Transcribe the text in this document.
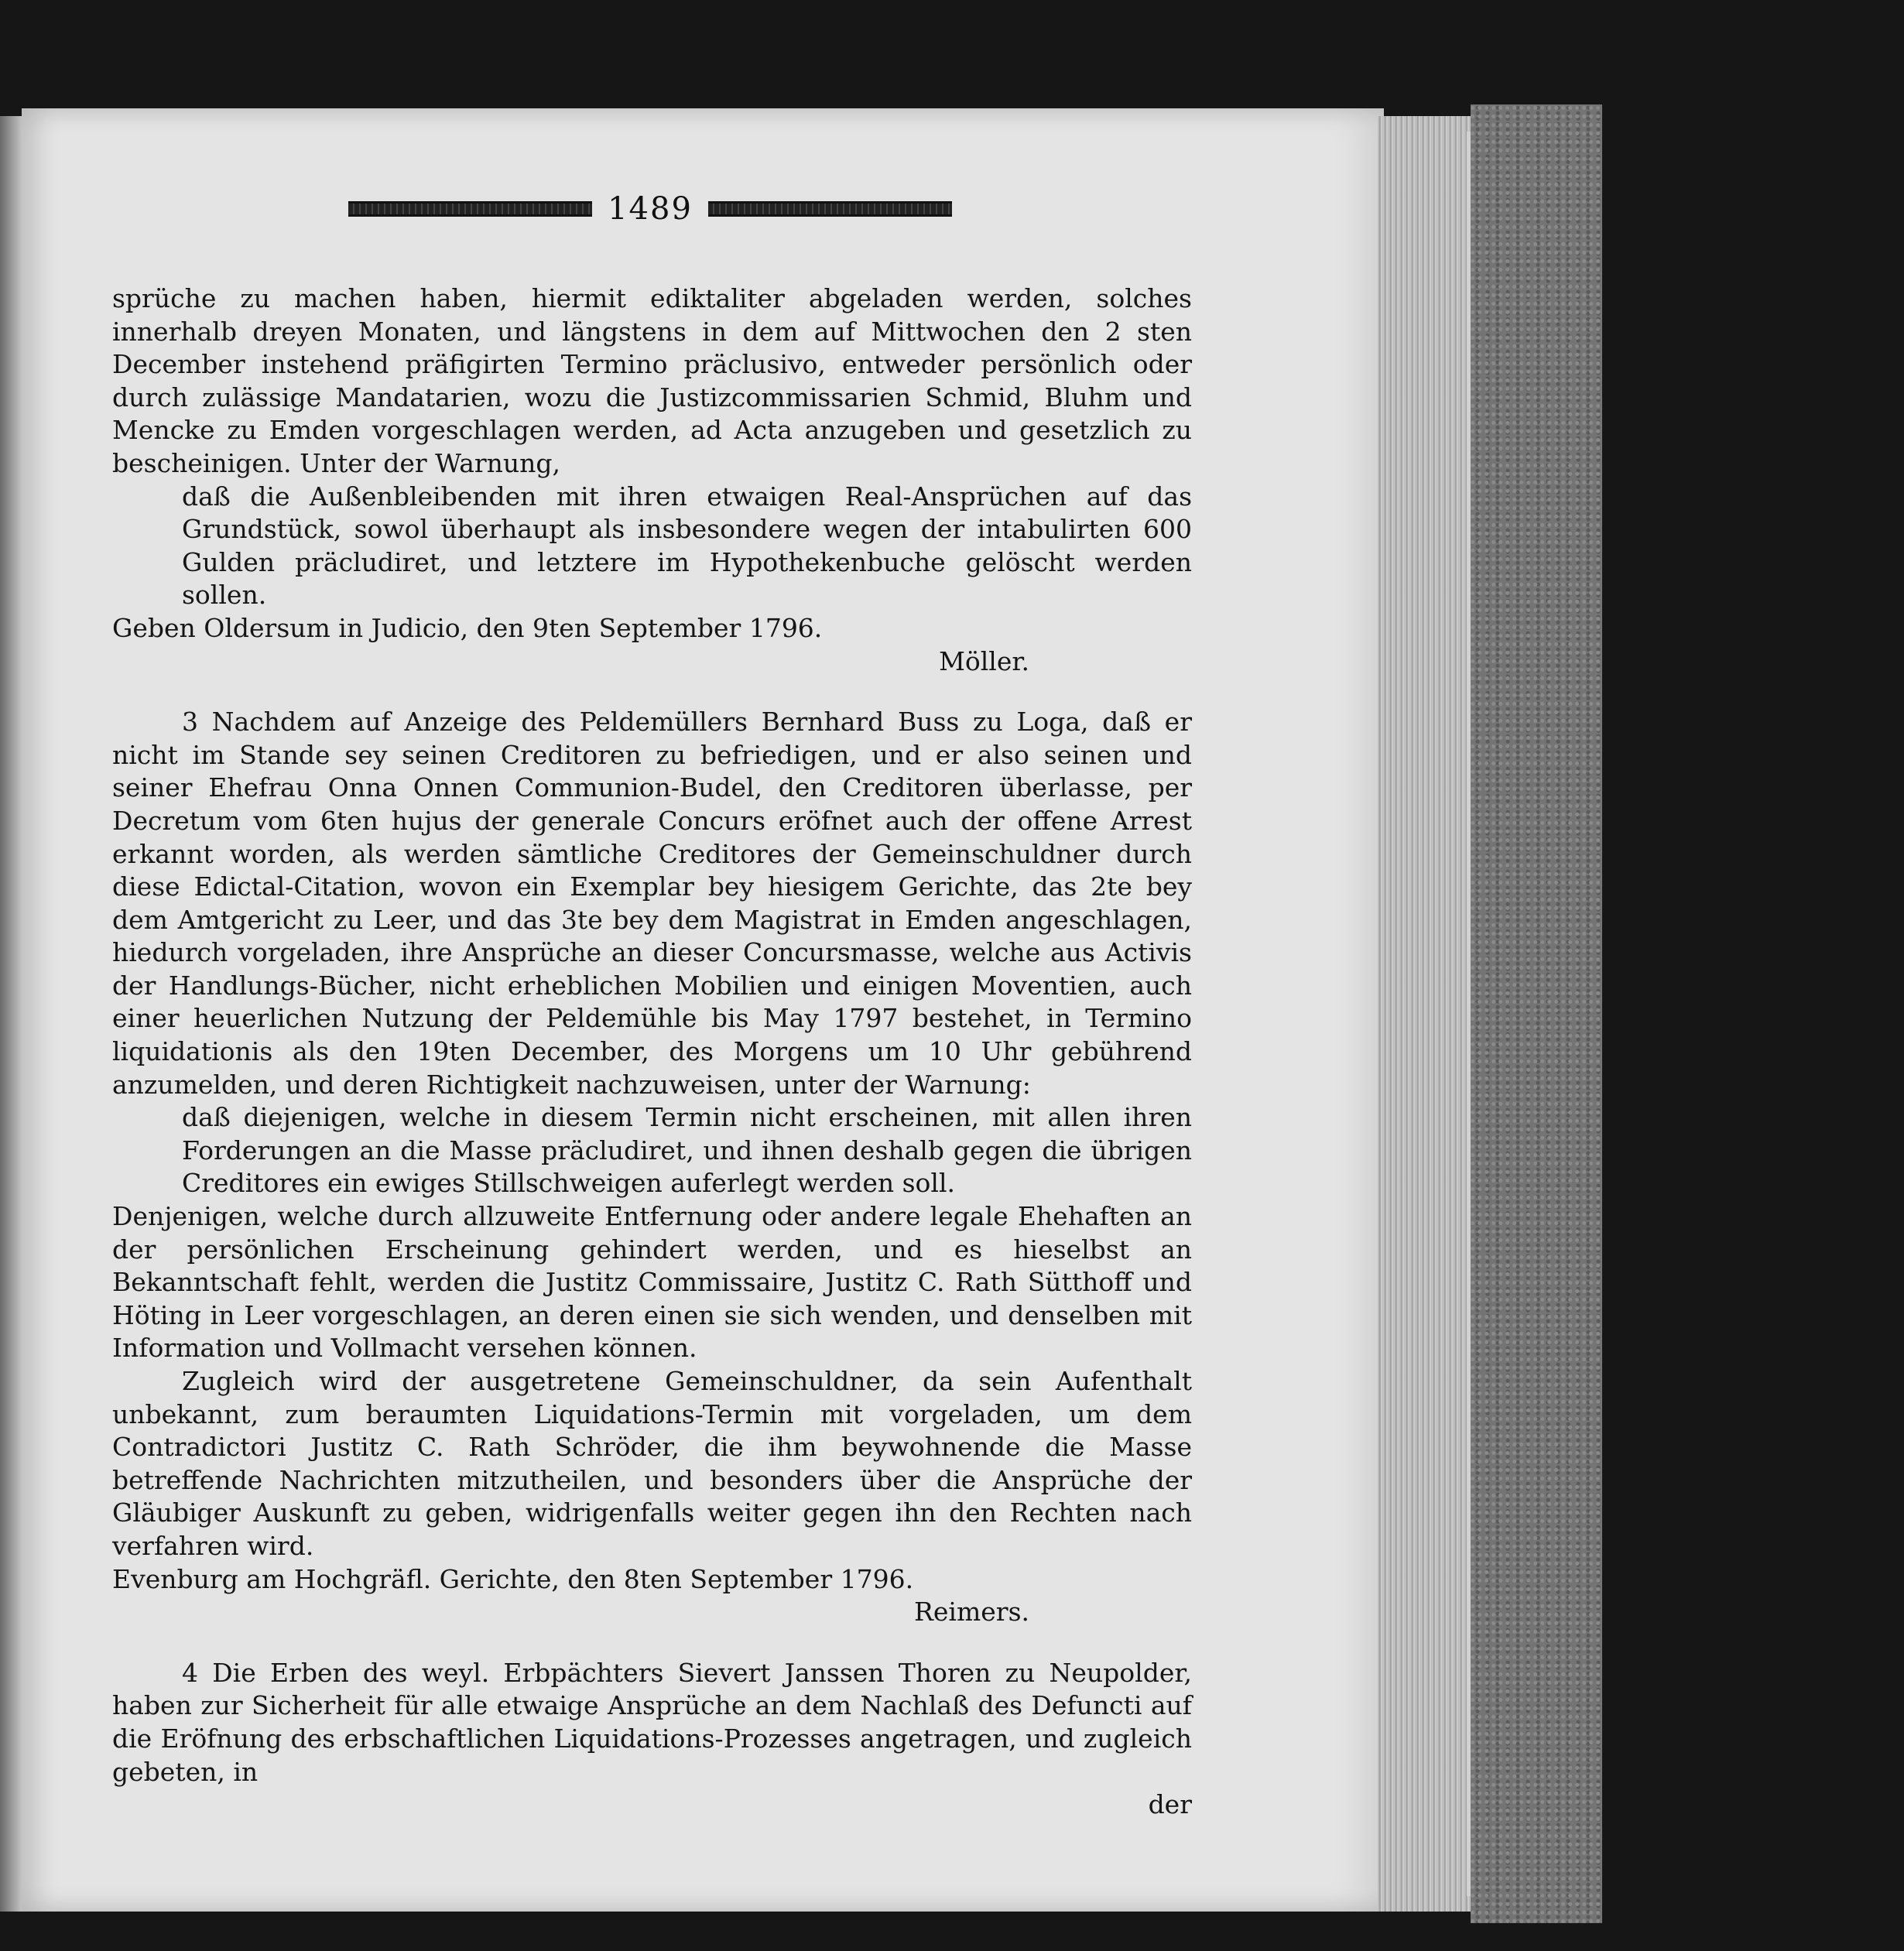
1489

sprüche zu machen haben, hiermit ediktaliter abgeladen werden, solches innerhalb dreyen Monaten, und längstens in dem auf Mittwochen den 2 sten December instehend präfigirten Termino präclusivo, entweder persönlich oder durch zulässige Mandatarien, wozu die Justizcommissarien Schmid, Bluhm und Mencke zu Emden vorgeschlagen werden, ad Acta anzugeben und gesetzlich zu bescheinigen. Unter der Warnung,

daß die Außenbleibenden mit ihren etwaigen Real-Ansprüchen auf das Grundstück, sowol überhaupt als insbesondere wegen der intabulirten 600 Gulden präcludiret, und letztere im Hypothekenbuche gelöscht werden sollen.

Geben Oldersum in Judicio, den 9ten September 1796.

Möller.

3 Nachdem auf Anzeige des Peldemüllers Bernhard Buss zu Loga, daß er nicht im Stande sey seinen Creditoren zu befriedigen, und er also seinen und seiner Ehefrau Onna Onnen Communion-Budel, den Creditoren überlasse, per Decretum vom 6ten hujus der generale Concurs eröfnet auch der offene Arrest erkannt worden, als werden sämtliche Creditores der Gemeinschuldner durch diese Edictal-Citation, wovon ein Exemplar bey hiesigem Gerichte, das 2te bey dem Amtgericht zu Leer, und das 3te bey dem Magistrat in Emden angeschlagen, hiedurch vorgeladen, ihre Ansprüche an dieser Concursmasse, welche aus Activis der Handlungs-Bücher, nicht erheblichen Mobilien und einigen Moventien, auch einer heuerlichen Nutzung der Peldemühle bis May 1797 bestehet, in Termino liquidationis als den 19ten December, des Morgens um 10 Uhr gebührend anzumelden, und deren Richtigkeit nachzuweisen, unter der Warnung:

daß diejenigen, welche in diesem Termin nicht erscheinen, mit allen ihren Forderungen an die Masse präcludiret, und ihnen deshalb gegen die übrigen Creditores ein ewiges Stillschweigen auferlegt werden soll.

Denjenigen, welche durch allzuweite Entfernung oder andere legale Ehehaften an der persönlichen Erscheinung gehindert werden, und es hieselbst an Bekanntschaft fehlt, werden die Justitz Commissaire, Justitz C. Rath Sütthoff und Höting in Leer vorgeschlagen, an deren einen sie sich wenden, und denselben mit Information und Vollmacht versehen können.

Zugleich wird der ausgetretene Gemeinschuldner, da sein Aufenthalt unbekannt, zum beraumten Liquidations-Termin mit vorgeladen, um dem Contradictori Justitz C. Rath Schröder, die ihm beywohnende die Masse betreffende Nachrichten mitzutheilen, und besonders über die Ansprüche der Gläubiger Auskunft zu geben, widrigenfalls weiter gegen ihn den Rechten nach verfahren wird.

Evenburg am Hochgräfl. Gerichte, den 8ten September 1796.

Reimers.

4 Die Erben des weyl. Erbpächters Sievert Janssen Thoren zu Neupolder, haben zur Sicherheit für alle etwaige Ansprüche an dem Nachlaß des Defuncti auf die Eröfnung des erbschaftlichen Liquidations-Prozesses angetragen, und zugleich gebeten, in

der
